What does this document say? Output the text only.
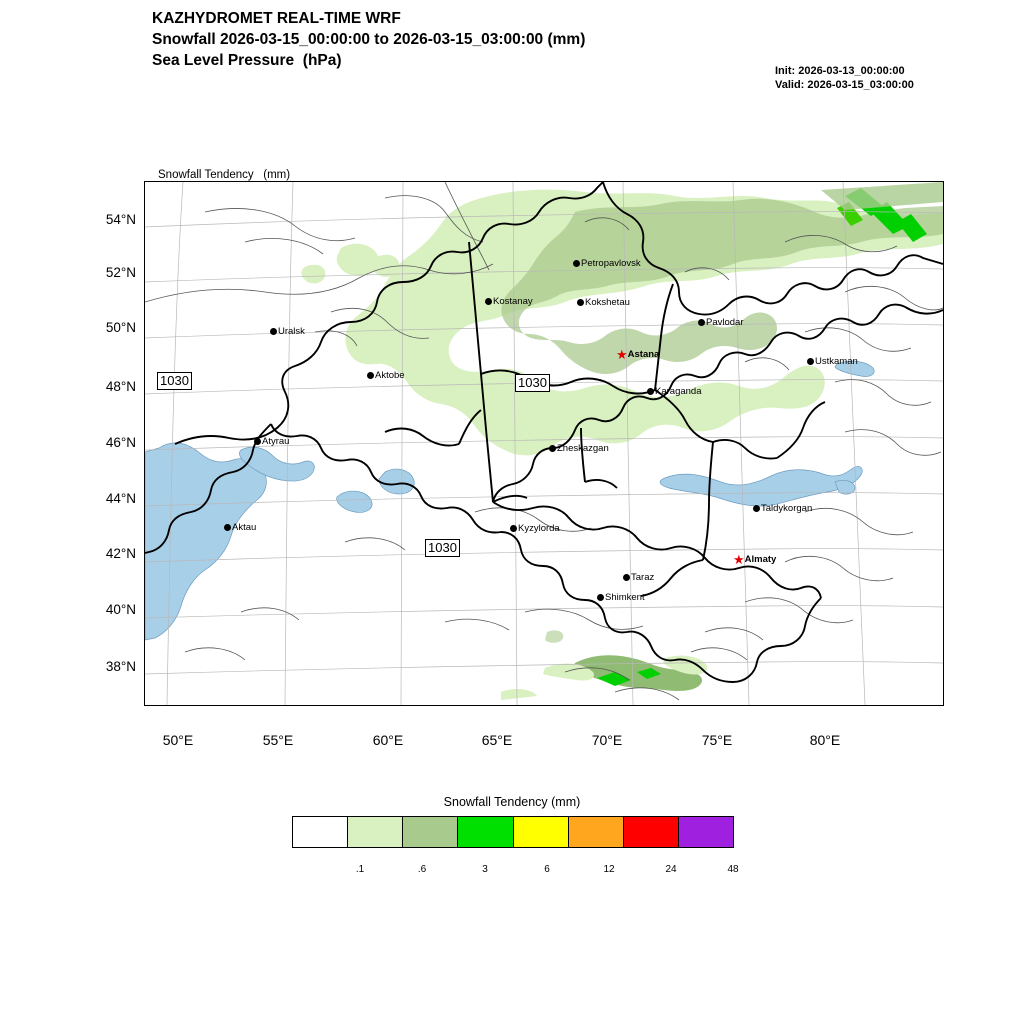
KAZHYDROMET REAL-TIME WRF
Snowfall 2026-03-15_00:00:00 to 2026-03-15_03:00:00 (mm)
Sea Level Pressure  (hPa)
Init: 2026-03-13_00:00:00
Valid: 2026-03-15_03:00:00

Snowfall Tendency   (mm)

1030	1030
1030
Petropavlovsk
Kostanay	Kokshetau
Pavlodar
Uralsk
Ustkaman
Aktobe
★Astana
Karaganda
Atyrau
Zheskazgan
Aktau	Kyzylorda
Taldykorgan
★Almaty
Taraz
Shimkent
54°N
52°N
50°N
48°N
46°N
44°N
42°N
40°N
38°N
50°E	55°E	60°E	65°E	70°E	75°E	80°E
Snowfall Tendency (mm)
.1	.6	3	6	12	24	48
